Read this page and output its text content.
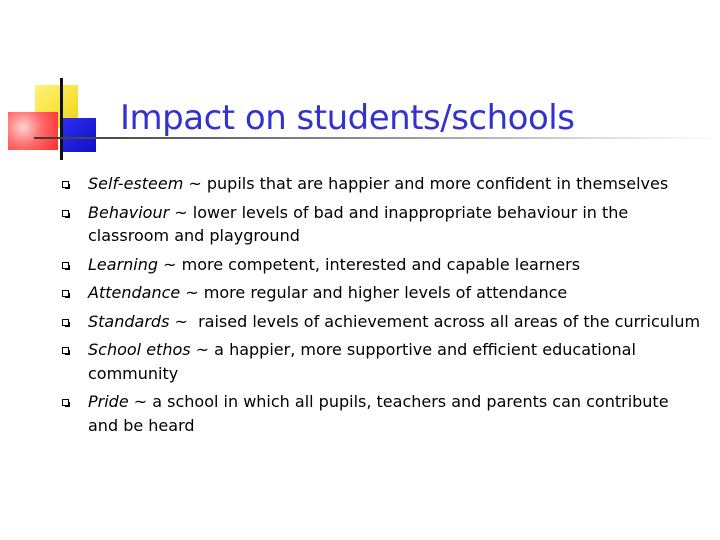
Impact on students/schools
Self-esteem ~ pupils that are happier and more confident in themselves
Behaviour ~ lower levels of bad and inappropriate behaviour in the classroom and playground
Learning ~ more competent, interested and capable learners
Attendance ~ more regular and higher levels of attendance
Standards ~  raised levels of achievement across all areas of the curriculum
School ethos ~ a happier, more supportive and efficient educational community
Pride ~ a school in which all pupils, teachers and parents can contribute and be heard
